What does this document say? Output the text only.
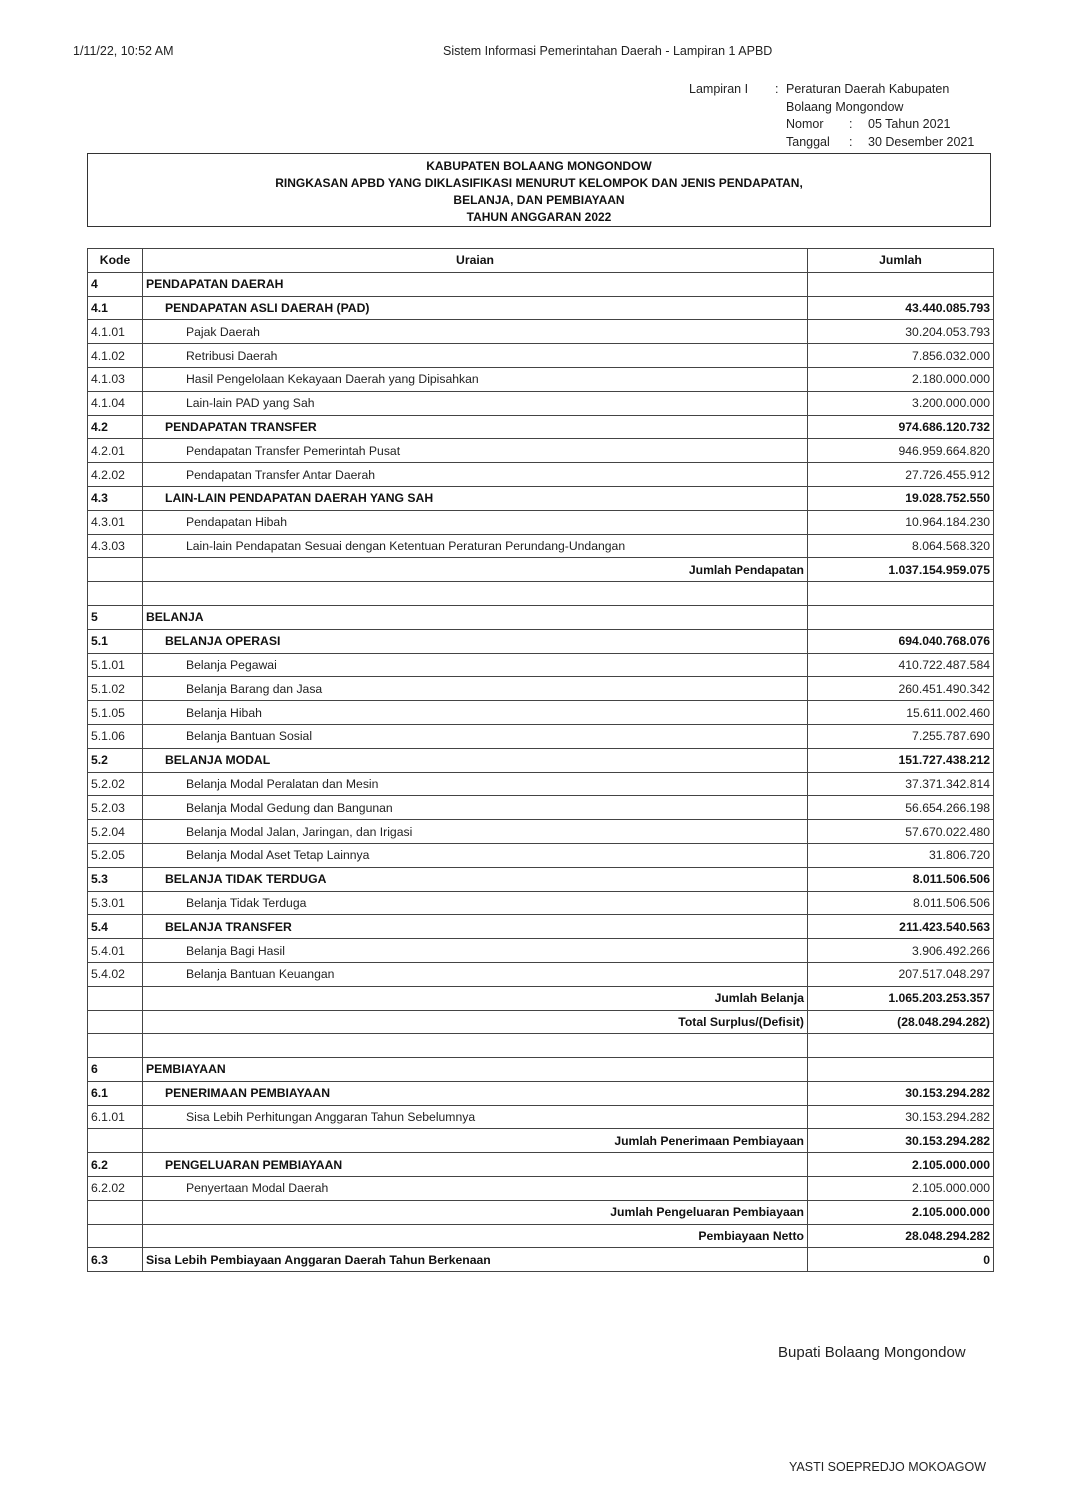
1/11/22, 10:52 AM	Sistem Informasi Pemerintahan Daerah - Lampiran 1 APBD
Lampiran I : Peraturan Daerah Kabupaten
Bolaang Mongondow
Nomor : 05 Tahun 2021
Tanggal : 30 Desember 2021
KABUPATEN BOLAANG MONGONDOW
RINGKASAN APBD YANG DIKLASIFIKASI MENURUT KELOMPOK DAN JENIS PENDAPATAN,
BELANJA, DAN PEMBIAYAAN
TAHUN ANGGARAN 2022
Kode	Uraian	Jumlah
4	PENDAPATAN DAERAH	
4.1	PENDAPATAN ASLI DAERAH (PAD)	43.440.085.793
4.1.01	Pajak Daerah	30.204.053.793
4.1.02	Retribusi Daerah	7.856.032.000
4.1.03	Hasil Pengelolaan Kekayaan Daerah yang Dipisahkan	2.180.000.000
4.1.04	Lain-lain PAD yang Sah	3.200.000.000
4.2	PENDAPATAN TRANSFER	974.686.120.732
4.2.01	Pendapatan Transfer Pemerintah Pusat	946.959.664.820
4.2.02	Pendapatan Transfer Antar Daerah	27.726.455.912
4.3	LAIN-LAIN PENDAPATAN DAERAH YANG SAH	19.028.752.550
4.3.01	Pendapatan Hibah	10.964.184.230
4.3.03	Lain-lain Pendapatan Sesuai dengan Ketentuan Peraturan Perundang-Undangan	8.064.568.320
	Jumlah Pendapatan	1.037.154.959.075

5	BELANJA	
5.1	BELANJA OPERASI	694.040.768.076
5.1.01	Belanja Pegawai	410.722.487.584
5.1.02	Belanja Barang dan Jasa	260.451.490.342
5.1.05	Belanja Hibah	15.611.002.460
5.1.06	Belanja Bantuan Sosial	7.255.787.690
5.2	BELANJA MODAL	151.727.438.212
5.2.02	Belanja Modal Peralatan dan Mesin	37.371.342.814
5.2.03	Belanja Modal Gedung dan Bangunan	56.654.266.198
5.2.04	Belanja Modal Jalan, Jaringan, dan Irigasi	57.670.022.480
5.2.05	Belanja Modal Aset Tetap Lainnya	31.806.720
5.3	BELANJA TIDAK TERDUGA	8.011.506.506
5.3.01	Belanja Tidak Terduga	8.011.506.506
5.4	BELANJA TRANSFER	211.423.540.563
5.4.01	Belanja Bagi Hasil	3.906.492.266
5.4.02	Belanja Bantuan Keuangan	207.517.048.297
	Jumlah Belanja	1.065.203.253.357
	Total Surplus/(Defisit)	(28.048.294.282)

6	PEMBIAYAAN	
6.1	PENERIMAAN PEMBIAYAAN	30.153.294.282
6.1.01	Sisa Lebih Perhitungan Anggaran Tahun Sebelumnya	30.153.294.282
	Jumlah Penerimaan Pembiayaan	30.153.294.282
6.2	PENGELUARAN PEMBIAYAAN	2.105.000.000
6.2.02	Penyertaan Modal Daerah	2.105.000.000
	Jumlah Pengeluaran Pembiayaan	2.105.000.000
	Pembiayaan Netto	28.048.294.282
6.3	Sisa Lebih Pembiayaan Anggaran Daerah Tahun Berkenaan	0
Bupati Bolaang Mongondow
YASTI SOEPREDJO MOKOAGOW
